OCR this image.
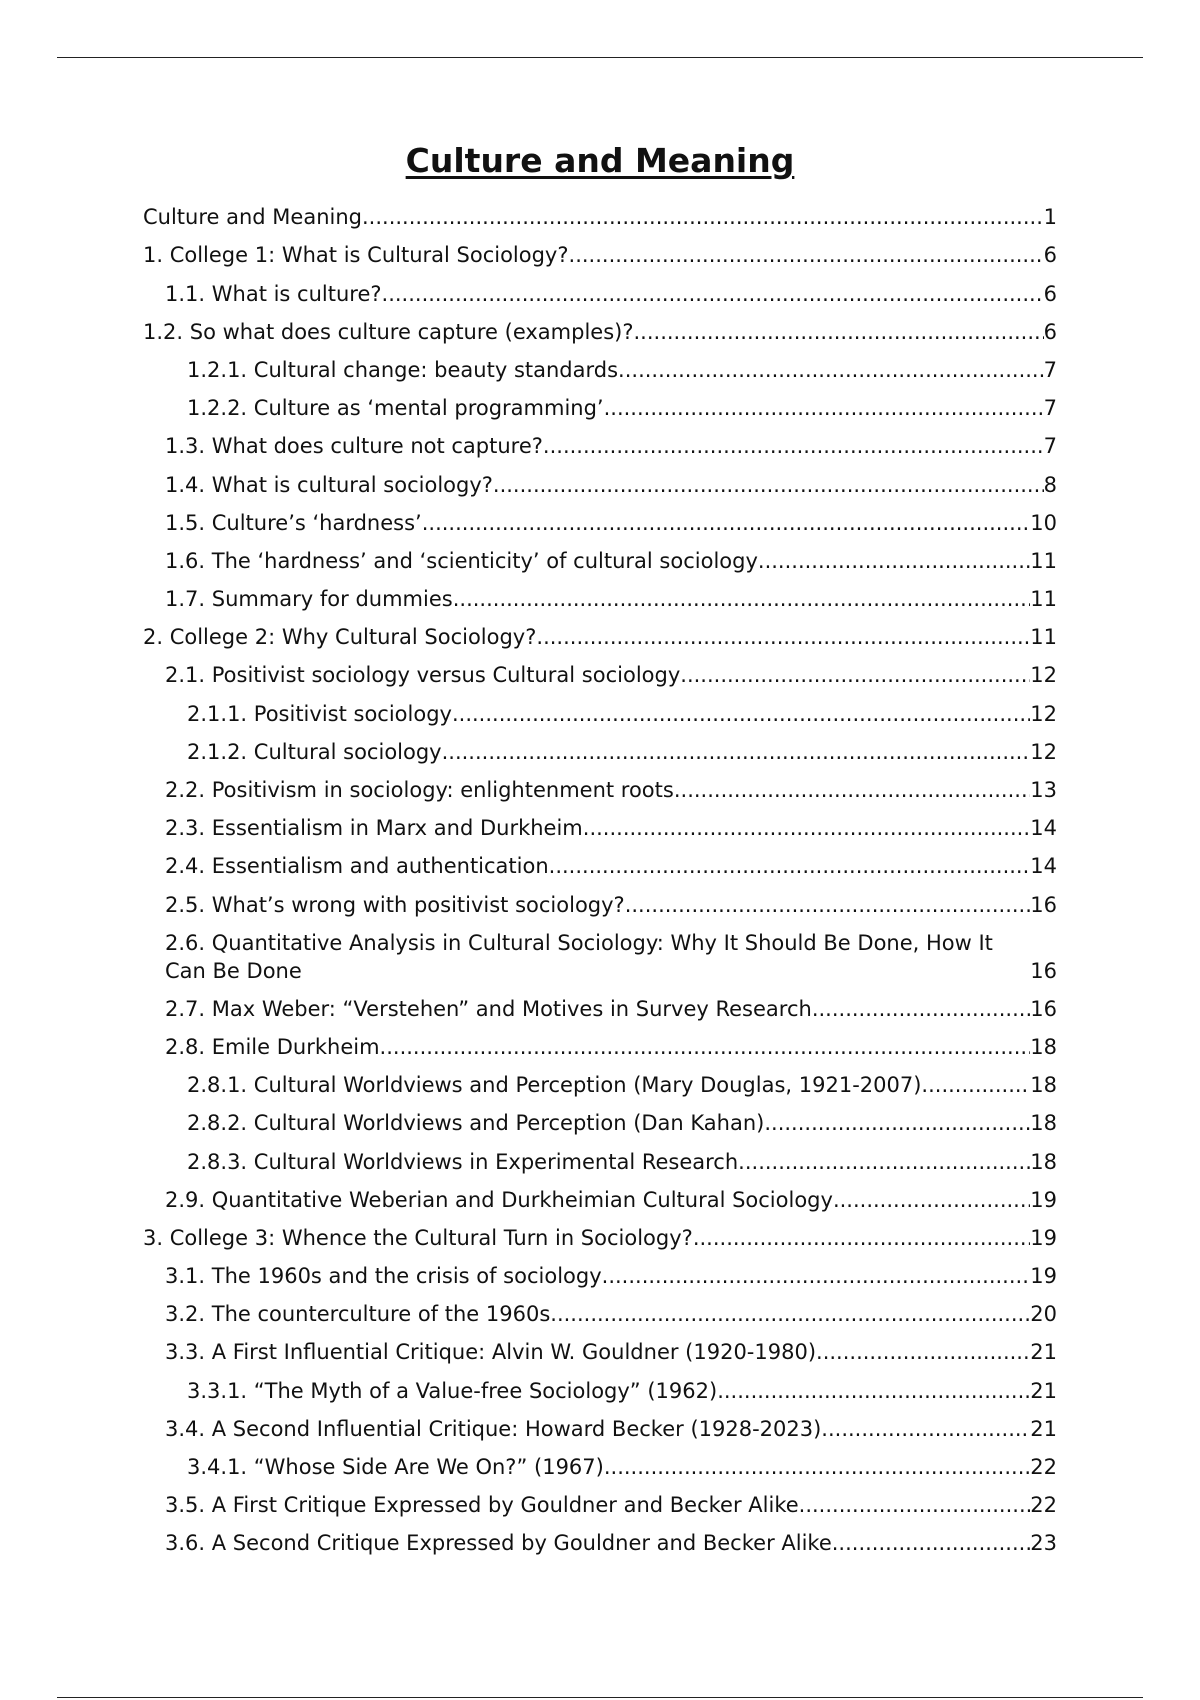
Culture and Meaning
Culture and Meaning .....	1
1. College 1: What is Cultural Sociology? .....	6
1.1. What is culture? .....	6
1.2. So what does culture capture (examples)? .....	6
1.2.1. Cultural change: beauty standards .....	7
1.2.2. Culture as ‘mental programming’ .....	7
1.3. What does culture not capture? .....	7
1.4. What is cultural sociology? .....	8
1.5. Culture’s ‘hardness’ .....	10
1.6. The ‘hardness’ and ‘scienticity’ of cultural sociology .....	11
1.7. Summary for dummies .....	11
2. College 2: Why Cultural Sociology? .....	11
2.1. Positivist sociology versus Cultural sociology .....	12
2.1.1. Positivist sociology .....	12
2.1.2. Cultural sociology .....	12
2.2. Positivism in sociology: enlightenment roots .....	13
2.3. Essentialism in Marx and Durkheim .....	14
2.4. Essentialism and authentication .....	14
2.5. What’s wrong with positivist sociology? .....	16
2.6. Quantitative Analysis in Cultural Sociology: Why It Should Be Done, How It Can Be Done	16
2.7. Max Weber: “Verstehen” and Motives in Survey Research .....	16
2.8. Emile Durkheim .....	18
2.8.1. Cultural Worldviews and Perception (Mary Douglas, 1921-2007) .....	18
2.8.2. Cultural Worldviews and Perception (Dan Kahan) .....	18
2.8.3. Cultural Worldviews in Experimental Research .....	18
2.9. Quantitative Weberian and Durkheimian Cultural Sociology .....	19
3. College 3: Whence the Cultural Turn in Sociology? .....	19
3.1. The 1960s and the crisis of sociology .....	19
3.2. The counterculture of the 1960s .....	20
3.3. A First Influential Critique: Alvin W. Gouldner (1920-1980) .....	21
3.3.1. “The Myth of a Value-free Sociology” (1962) .....	21
3.4. A Second Influential Critique: Howard Becker (1928-2023) .....	21
3.4.1. “Whose Side Are We On?” (1967) .....	22
3.5. A First Critique Expressed by Gouldner and Becker Alike .....	22
3.6. A Second Critique Expressed by Gouldner and Becker Alike .....	23
